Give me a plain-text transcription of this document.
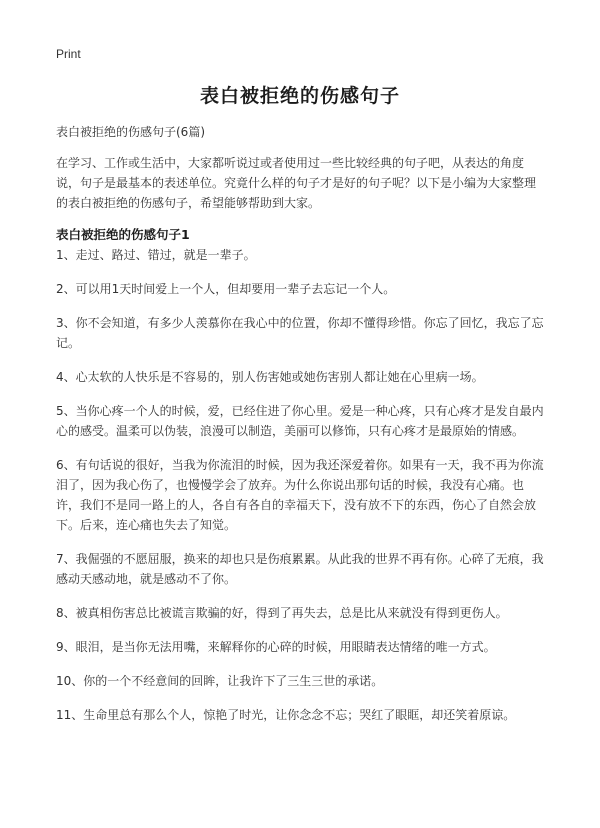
Print
表白被拒绝的伤感句子
表白被拒绝的伤感句子(6篇)
在学习、工作或生活中，大家都听说过或者使用过一些比较经典的句子吧，从表达的角度说，句子是最基本的表述单位。究竟什么样的句子才是好的句子呢？以下是小编为大家整理的表白被拒绝的伤感句子，希望能够帮助到大家。
表白被拒绝的伤感句子1
1、走过、路过、错过，就是一辈子。
2、可以用1天时间爱上一个人，但却要用一辈子去忘记一个人。
3、你不会知道，有多少人羡慕你在我心中的位置，你却不懂得珍惜。你忘了回忆，我忘了忘记。
4、心太软的人快乐是不容易的，别人伤害她或她伤害别人都让她在心里病一场。
5、当你心疼一个人的时候，爱，已经住进了你心里。爱是一种心疼，只有心疼才是发自最内心的感受。温柔可以伪装，浪漫可以制造，美丽可以修饰，只有心疼才是最原始的情感。
6、有句话说的很好，当我为你流泪的时候，因为我还深爱着你。如果有一天，我不再为你流泪了，因为我心伤了，也慢慢学会了放弃。为什么你说出那句话的时候，我没有心痛。也许，我们不是同一路上的人，各自有各自的幸福天下，没有放不下的东西，伤心了自然会放下。后来，连心痛也失去了知觉。
7、我倔强的不愿屈服，换来的却也只是伤痕累累。从此我的世界不再有你。心碎了无痕，我感动天感动地，就是感动不了你。
8、被真相伤害总比被谎言欺骗的好，得到了再失去，总是比从来就没有得到更伤人。
9、眼泪，是当你无法用嘴，来解释你的心碎的时候，用眼睛表达情绪的唯一方式。
10、你的一个不经意间的回眸，让我许下了三生三世的承诺。
11、生命里总有那么个人，惊艳了时光，让你念念不忘；哭红了眼眶，却还笑着原谅。
